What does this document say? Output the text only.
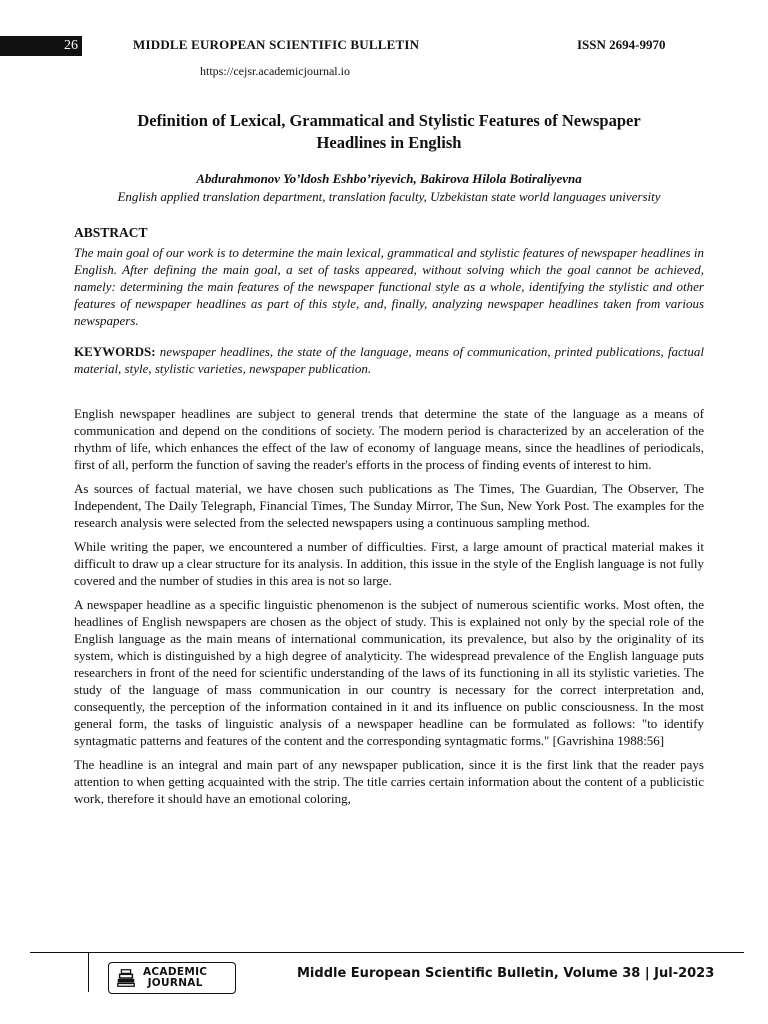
26	MIDDLE EUROPEAN SCIENTIFIC BULLETIN	ISSN 2694-9970
https://cejsr.academicjournal.io
Definition of Lexical, Grammatical and Stylistic Features of Newspaper
Headlines in English
Abdurahmonov Yo’ldosh Eshbo’riyevich, Bakirova Hilola Botiraliyevna
English applied translation department, translation faculty, Uzbekistan state world languages university
ABSTRACT

The main goal of our work is to determine the main lexical, grammatical and stylistic features of newspaper headlines in English. After defining the main goal, a set of tasks appeared, without solving which the goal cannot be achieved, namely: determining the main features of the newspaper functional style as a whole, identifying the stylistic and other features of newspaper headlines as part of this style, and, finally, analyzing newspaper headlines taken from various newspapers.

KEYWORDS: newspaper headlines, the state of the language, means of communication, printed publications, factual material, style, stylistic varieties, newspaper publication.

English newspaper headlines are subject to general trends that determine the state of the language as a means of communication and depend on the conditions of society. The modern period is characterized by an acceleration of the rhythm of life, which enhances the effect of the law of economy of language means, since the headlines of periodicals, first of all, perform the function of saving the reader's efforts in the process of finding events of interest to him.

As sources of factual material, we have chosen such publications as The Times, The Guardian, The Observer, The Independent, The Daily Telegraph, Financial Times, The Sunday Mirror, The Sun, New York Post. The examples for the research analysis were selected from the selected newspapers using a continuous sampling method.

While writing the paper, we encountered a number of difficulties. First, a large amount of practical material makes it difficult to draw up a clear structure for its analysis. In addition, this issue in the style of the English language is not fully covered and the number of studies in this area is not so large.

A newspaper headline as a specific linguistic phenomenon is the subject of numerous scientific works. Most often, the headlines of English newspapers are chosen as the object of study. This is explained not only by the special role of the English language as the main means of international communication, its prevalence, but also by the originality of its system, which is distinguished by a high degree of analyticity. The widespread prevalence of the English language puts researchers in front of the need for scientific understanding of the laws of its functioning in all its stylistic varieties. The study of the language of mass communication in our country is necessary for the correct interpretation and, consequently, the perception of the information contained in it and its influence on public consciousness. In the most general form, the tasks of linguistic analysis of a newspaper headline can be formulated as follows: "to identify syntagmatic patterns and features of the content and the corresponding syntagmatic forms." [Gavrishina 1988:56]

The headline is an integral and main part of any newspaper publication, since it is the first link that the reader pays attention to when getting acquainted with the strip. The title carries certain information about the content of a publicistic work, therefore it should have an emotional coloring,

ACADEMIC
JOURNAL
Middle European Scientific Bulletin, Volume 38 | Jul-2023
